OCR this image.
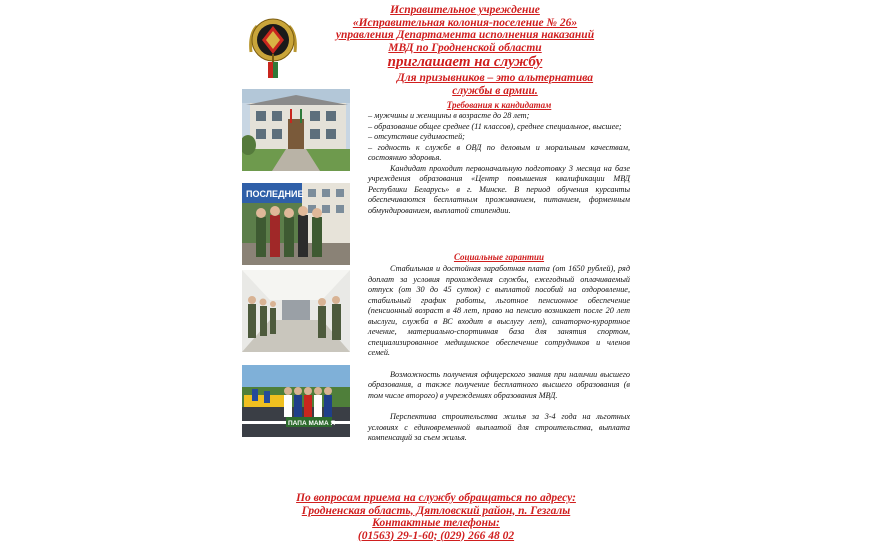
Исправительное учреждение
«Исправительная колония-поселение № 26»
управления Департамента исполнения наказаний
МВД по Гродненской области
приглашает на службу
Для призывников – это альтернатива
службы в армии.
Требования к кандидатам

– мужчины и женщины в возрасте до 28 лет;

– образование общее среднее (11 классов), среднее специальное, высшее;

– отсутствие судимостей;

– годность к службе в ОВД по деловым и моральным качествам, состоянию здоровья.

Кандидат проходит первоначальную подготовку 3 месяца на базе учреждения образования «Центр повышения квалификации МВД Республики Беларусь» в г. Минске. В период обучения курсанты обеспечиваются бесплатным проживанием, питанием, форменным обмундированием, выплатой стипендии.

Социальные гарантии

Стабильная и достойная заработная плата (от 1650 рублей), ряд доплат за условия прохождения службы, ежегодный оплачиваемый отпуск (от 30 до 45 суток) с выплатой пособий на оздоровление, стабильный график работы, льготное пенсионное обеспечение (пенсионный возраст в 48 лет, право на пенсию возникает после 20 лет выслуги, служба в ВС входит в выслугу лет), санаторно-курортное лечение, материально-спортивная база для занятия спортом, специализированное медицинское обеспечение сотрудников и членов семей.

Возможность получения офицерского звания при наличии высшего образования, а также получение бесплатного высшего образования (в том числе второго) в учреждениях образования МВД.

Перспектива строительства жилья за 3-4 года на льготных условиях с единовременной выплатой для строительства, выплата компенсаций за съем жилья.

ПОСЛЕДНИЕ
ПАПА МАМА Я
По вопросам приема на службу обращаться по адресу:
Гродненская область, Дятловский район, п. Гезгалы
Контактные телефоны:
(01563) 29-1-60; (029) 266 48 02
